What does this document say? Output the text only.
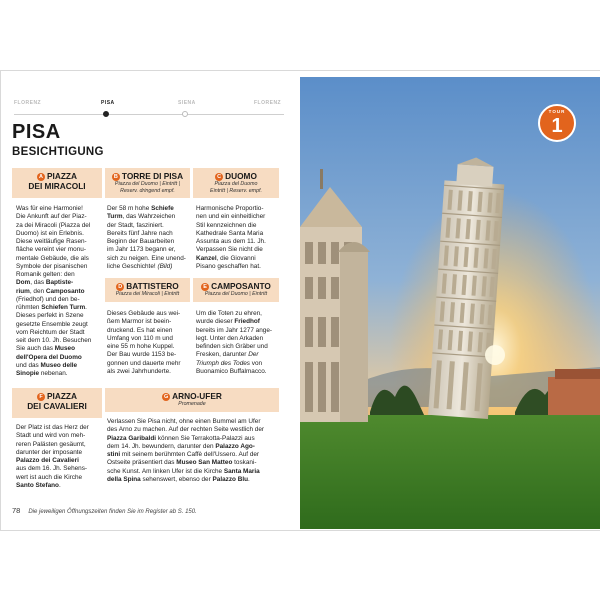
FLORENZ	PISA	SIENA	FLORENZ
PISA
BESICHTIGUNG
A PIAZZA
DEI MIRACOLI
Was für eine Harmonie!
Die Ankunft auf der Piaz-
za dei Miracoli (Piazza del
Duomo) ist ein Erlebnis.
Diese weitläufige Rasen-
fläche vereint vier monu-
mentale Gebäude, die als
Symbole der pisanischen
Romanik gelten: den
Dom, das Baptiste-
rium, den Camposanto
(Friedhof) und den be-
rühmten Schiefen Turm.
Dieses perfekt in Szene
gesetzte Ensemble zeugt
vom Reichtum der Stadt
seit dem 10. Jh. Besuchen
Sie auch das Museo
dell'Opera del Duomo
und das Museo delle
Sinopie nebenan.
B TORRE DI PISA
Piazza del Duomo | Eintritt |
Reserv. dringend empf.
Der 58 m hohe Schiefe
Turm, das Wahrzeichen
der Stadt, fasziniert.
Bereits fünf Jahre nach
Beginn der Bauarbeiten
im Jahr 1173 begann er,
sich zu neigen. Eine unend-
liche Geschichte! (Bild)
C DUOMO
Piazza del Duomo
Eintritt | Reserv. empf.
Harmonische Proportio-
nen und ein einheitlicher
Stil kennzeichnen die
Kathedrale Santa Maria
Assunta aus dem 11. Jh.
Verpassen Sie nicht die
Kanzel, die Giovanni
Pisano geschaffen hat.
D BATTISTERO
Piazza dei Miracoli | Eintritt
Dieses Gebäude aus wei-
ßem Marmor ist beein-
druckend. Es hat einen
Umfang von 110 m und
eine 55 m hohe Kuppel.
Der Bau wurde 1153 be-
gonnen und dauerte mehr
als zwei Jahrhunderte.
E CAMPOSANTO
Piazza del Duomo | Eintritt
Um die Toten zu ehren,
wurde dieser Friedhof
bereits im Jahr 1277 ange-
legt. Unter den Arkaden
befinden sich Gräber und
Fresken, darunter Der
Triumph des Todes von
Buonamico Buffalmacco.
F PIAZZA
DEI CAVALIERI
Der Platz ist das Herz der
Stadt und wird von meh-
reren Palästen gesäumt,
darunter der imposante
Palazzo dei Cavalieri
aus dem 16. Jh. Sehens-
wert ist auch die Kirche
Santo Stefano.
G ARNO-UFER
Promenade
Verlassen Sie Pisa nicht, ohne einen Bummel am Ufer
des Arno zu machen. Auf der rechten Seite westlich der
Piazza Garibaldi können Sie Terrakotta-Palazzi aus
dem 14. Jh. bewundern, darunter den Palazzo Ago-
stini mit seinem berühmten Caffè dell'Ussero. Auf der
Ostseite präsentiert das Museo San Matteo toskani-
sche Kunst. Am linken Ufer ist die Kirche Santa Maria
della Spina sehenswert, ebenso der Palazzo Blu.
78 Die jeweiligen Öffnungszeiten finden Sie im Register ab S. 150.
TOUR
1
